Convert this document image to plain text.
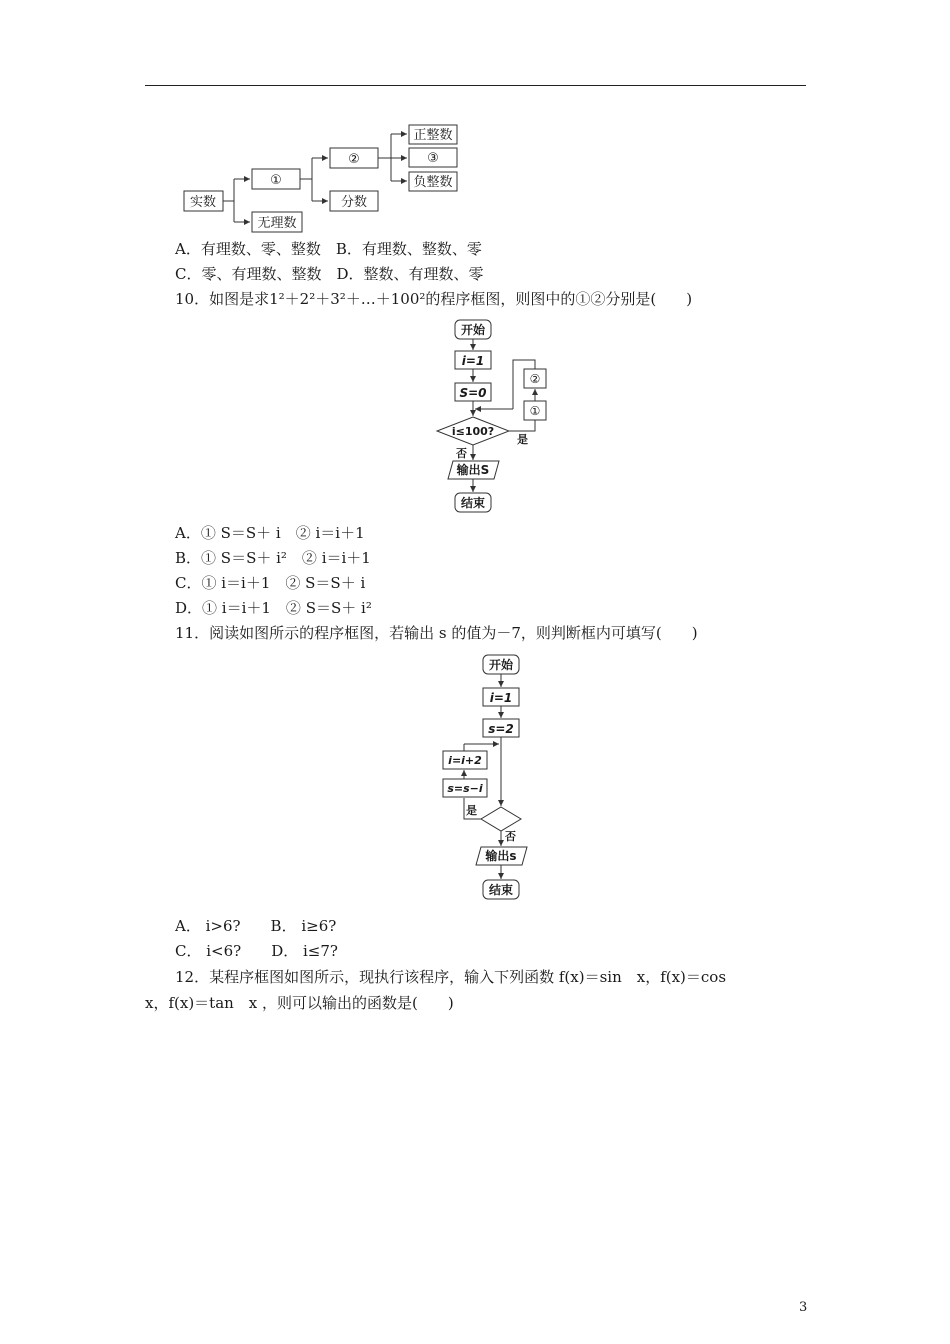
实数
①
无理数
②
分数
正整数
③
负整数
A．有理数、零、整数　B．有理数、整数、零
C．零、有理数、整数　D．整数、有理数、零
10．如图是求1²＋2²＋3²＋…＋100²的程序框图，则图中的①②分别是(　　)
开始
i=1
S=0
i≤100?
是
否
①
②
输出S
结束
A．① S＝S＋ i　② i＝i＋1
B．① S＝S＋ i²　② i＝i＋1
C．① i＝i＋1　② S＝S＋ i
D．① i＝i＋1　② S＝S＋ i²
11．阅读如图所示的程序框图，若输出 s 的值为－7，则判断框内可填写(　　)
开始
i=1
s=2
是
s=s−i
i=i+2
否
输出s
结束
A． i>6?　　B． i≥6?
C． i<6?　　D． i≤7?
12．某程序框图如图所示，现执行该程序，输入下列函数 f(x)＝sin　x，f(x)＝cos
x，f(x)＝tan　x ，则可以输出的函数是(　　)
3
